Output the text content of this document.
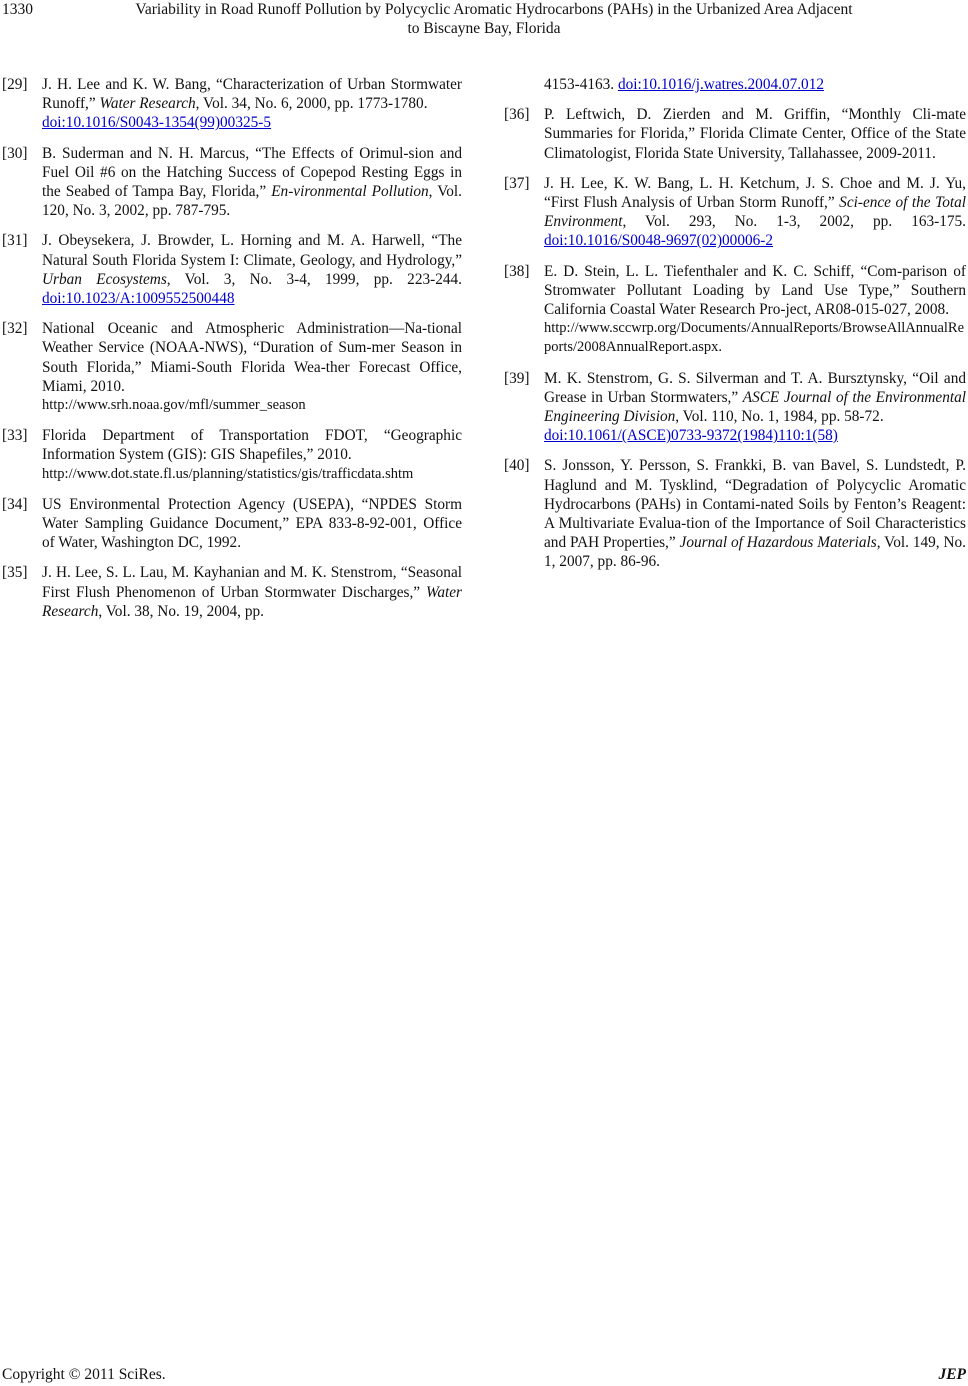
1330	Variability in Road Runoff Pollution by Polycyclic Aromatic Hydrocarbons (PAHs) in the Urbanized Area Adjacent
to Biscayne Bay, Florida
[29] J. H. Lee and K. W. Bang, “Characterization of Urban Stormwater Runoff,” Water Research, Vol. 34, No. 6, 2000, pp. 1773-1780.
doi:10.1016/S0043-1354(99)00325-5
[30] B. Suderman and N. H. Marcus, “The Effects of Orimul-sion and Fuel Oil #6 on the Hatching Success of Copepod Resting Eggs in the Seabed of Tampa Bay, Florida,” En-vironmental Pollution, Vol. 120, No. 3, 2002, pp. 787-795.
[31] J. Obeysekera, J. Browder, L. Horning and M. A. Harwell, “The Natural South Florida System I: Climate, Geology, and Hydrology,” Urban Ecosystems, Vol. 3, No. 3-4, 1999, pp. 223-244. doi:10.1023/A:1009552500448
[32] National Oceanic and Atmospheric Administration—Na-tional Weather Service (NOAA-NWS), “Duration of Sum-mer Season in South Florida,” Miami-South Florida Wea-ther Forecast Office, Miami, 2010.
http://www.srh.noaa.gov/mfl/summer_season
[33] Florida Department of Transportation FDOT, “Geographic Information System (GIS): GIS Shapefiles,” 2010.
http://www.dot.state.fl.us/planning/statistics/gis/trafficdata.shtm
[34] US Environmental Protection Agency (USEPA), “NPDES Storm Water Sampling Guidance Document,” EPA 833-8-92-001, Office of Water, Washington DC, 1992.
[35] J. H. Lee, S. L. Lau, M. Kayhanian and M. K. Stenstrom, “Seasonal First Flush Phenomenon of Urban Stormwater Discharges,” Water Research, Vol. 38, No. 19, 2004, pp.
4153-4163. doi:10.1016/j.watres.2004.07.012
[36] P. Leftwich, D. Zierden and M. Griffin, “Monthly Cli-mate Summaries for Florida,” Florida Climate Center, Office of the State Climatologist, Florida State University, Tallahassee, 2009-2011.
[37] J. H. Lee, K. W. Bang, L. H. Ketchum, J. S. Choe and M. J. Yu, “First Flush Analysis of Urban Storm Runoff,” Sci-ence of the Total Environment, Vol. 293, No. 1-3, 2002, pp. 163-175. doi:10.1016/S0048-9697(02)00006-2
[38] E. D. Stein, L. L. Tiefenthaler and K. C. Schiff, “Com-parison of Stromwater Pollutant Loading by Land Use Type,” Southern California Coastal Water Research Pro-ject, AR08-015-027, 2008.
http://www.sccwrp.org/Documents/AnnualReports/BrowseAllAnnualReports/2008AnnualReport.aspx.
[39] M. K. Stenstrom, G. S. Silverman and T. A. Bursztynsky, “Oil and Grease in Urban Stormwaters,” ASCE Journal of the Environmental Engineering Division, Vol. 110, No. 1, 1984, pp. 58-72.
doi:10.1061/(ASCE)0733-9372(1984)110:1(58)
[40] S. Jonsson, Y. Persson, S. Frankki, B. van Bavel, S. Lundstedt, P. Haglund and M. Tysklind, “Degradation of Polycyclic Aromatic Hydrocarbons (PAHs) in Contami-nated Soils by Fenton’s Reagent: A Multivariate Evalua-tion of the Importance of Soil Characteristics and PAH Properties,” Journal of Hazardous Materials, Vol. 149, No. 1, 2007, pp. 86-96.
Copyright © 2011 SciRes.	JEP
